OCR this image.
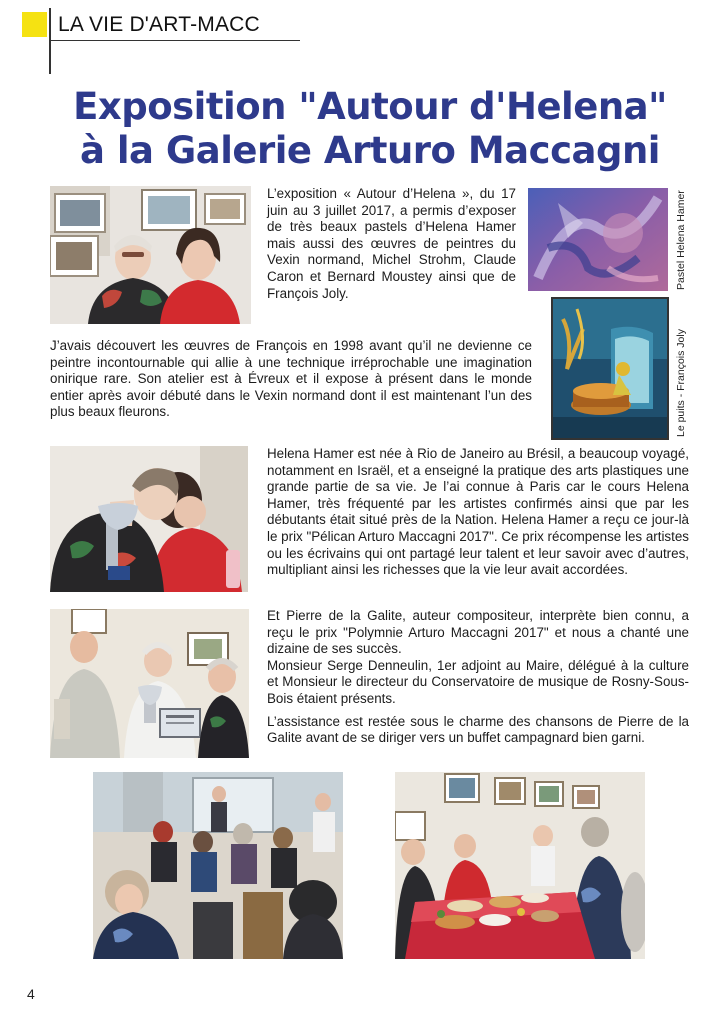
LA VIE D'ART-MACC
Exposition "Autour d'Helena"
à la Galerie Arturo Maccagni

L’exposition « Autour d’Helena », du 17 juin au 3 juillet 2017, a permis d’exposer de très beaux pastels d’Helena Hamer mais aussi des œuvres de peintres du Vexin normand, Michel Strohm, Claude Caron et Bernard Moustey ainsi que de François Joly.

Pastel Helena Hamer
Le puits - François Joly

J’avais découvert les œuvres de François en 1998 avant qu’il ne devienne ce peintre incontournable qui allie à une technique irréprochable une imagination onirique rare. Son atelier est à Évreux et il expose à présent dans le monde entier après avoir débuté dans le Vexin normand dont il est maintenant l’un des plus beaux fleurons.

Helena Hamer est née à Rio de Janeiro au Brésil, a beaucoup voyagé, notamment en Israël, et a enseigné la pratique des arts plastiques une grande partie de sa vie. Je l’ai connue à Paris car le cours Helena Hamer, très fréquenté par les artistes confirmés ainsi que par les débutants était situé près de la Nation. Helena Hamer a reçu ce jour-là le prix "Pélican Arturo Maccagni 2017". Ce prix récompense les artistes ou les écrivains qui ont partagé leur talent et leur savoir avec d’autres, multipliant ainsi les richesses que la vie leur avait accordées.

Et Pierre de la Galite, auteur compositeur, interprète bien connu, a reçu le prix "Polymnie Arturo Maccagni 2017" et nous a chanté une dizaine de ses succès.

Monsieur Serge Denneulin, 1er adjoint au Maire, délégué à la culture et Monsieur le directeur du Conservatoire de musique de Rosny-Sous-Bois étaient présents.

L’assistance est restée sous le charme des chansons de Pierre de la Galite avant de se diriger vers un buffet campagnard bien garni.

4
